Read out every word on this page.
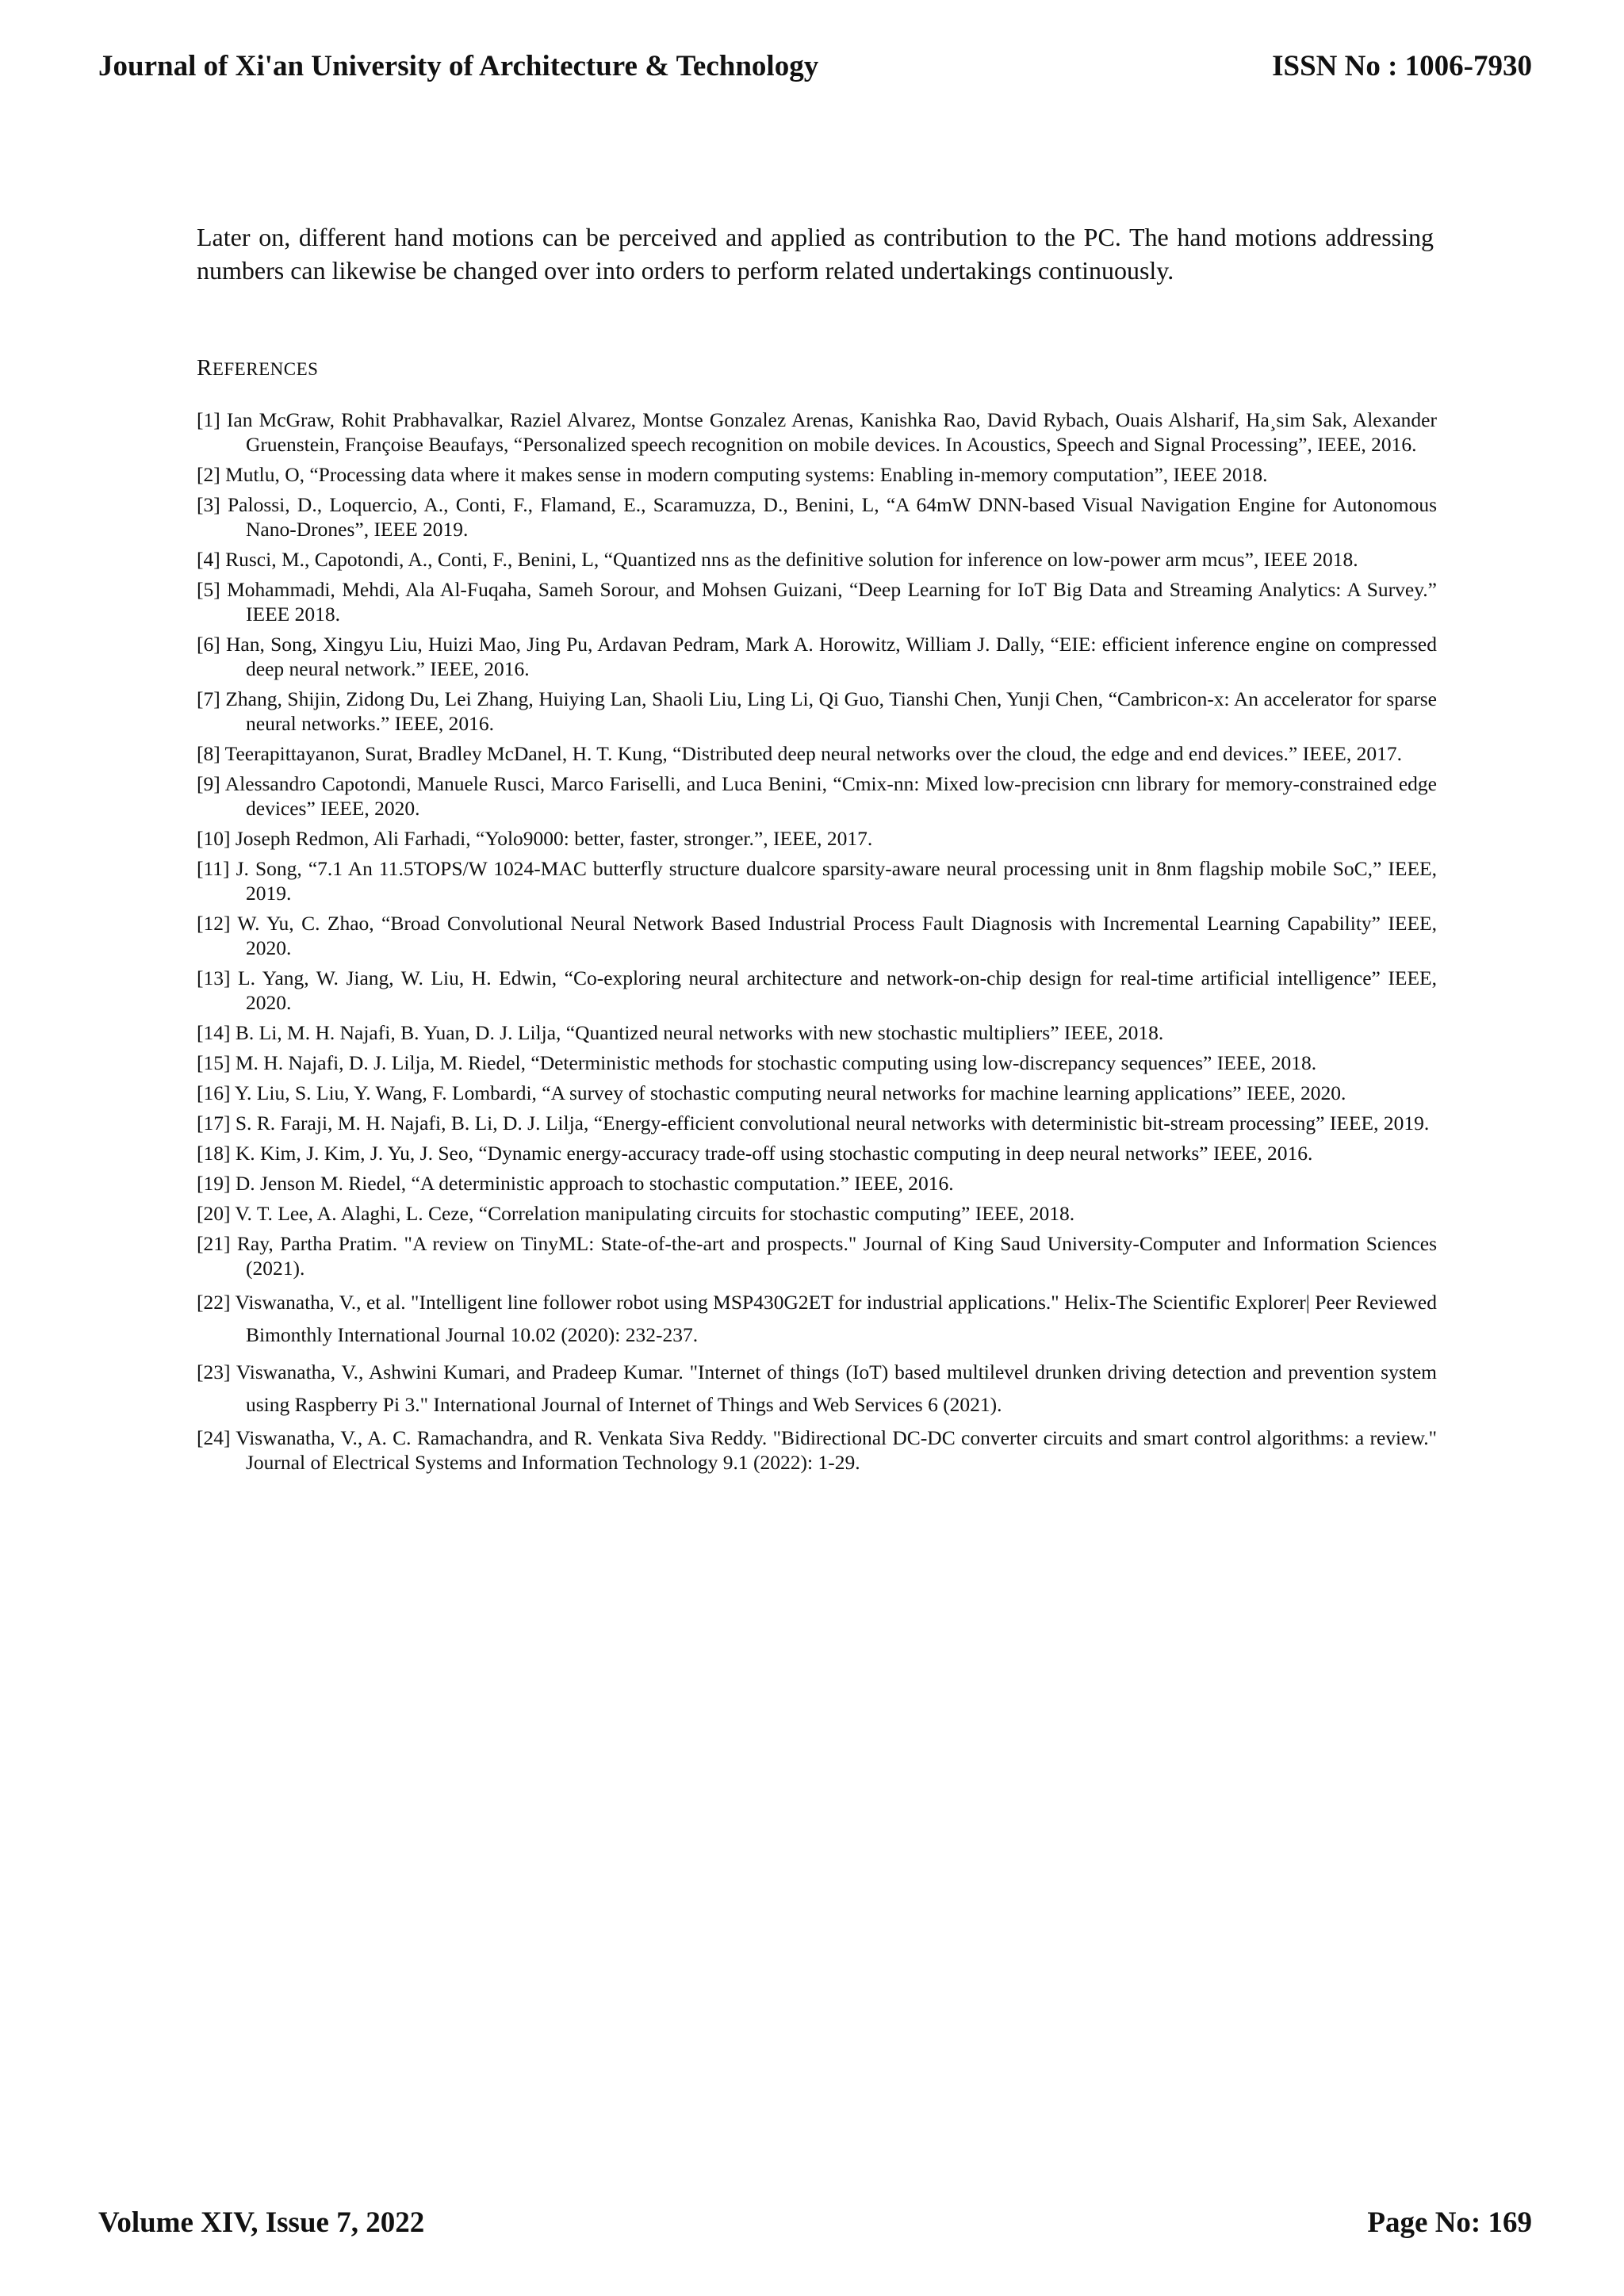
Journal of Xi'an University of Architecture & Technology	ISSN No : 1006-7930

Later on, different hand motions can be perceived and applied as contribution to the PC. The hand motions addressing numbers can likewise be changed over into orders to perform related undertakings continuously.

REFERENCES
[1] Ian McGraw, Rohit Prabhavalkar, Raziel Alvarez, Montse Gonzalez Arenas, Kanishka Rao, David Rybach, Ouais Alsharif, Ha¸sim Sak, Alexander Gruenstein, Françoise Beaufays, “Personalized speech recognition on mobile devices. In Acoustics, Speech and Signal Processing”, IEEE, 2016.
[2] Mutlu, O, “Processing data where it makes sense in modern computing systems: Enabling in-memory computation”, IEEE 2018.
[3] Palossi, D., Loquercio, A., Conti, F., Flamand, E., Scaramuzza, D., Benini, L, “A 64mW DNN-based Visual Navigation Engine for Autonomous Nano-Drones”, IEEE 2019.
[4] Rusci, M., Capotondi, A., Conti, F., Benini, L, “Quantized nns as the definitive solution for inference on low-power arm mcus”, IEEE 2018.
[5] Mohammadi, Mehdi, Ala Al-Fuqaha, Sameh Sorour, and Mohsen Guizani, “Deep Learning for IoT Big Data and Streaming Analytics: A Survey.” IEEE 2018.
[6] Han, Song, Xingyu Liu, Huizi Mao, Jing Pu, Ardavan Pedram, Mark A. Horowitz, William J. Dally, “EIE: efficient inference engine on compressed deep neural network.” IEEE, 2016.
[7] Zhang, Shijin, Zidong Du, Lei Zhang, Huiying Lan, Shaoli Liu, Ling Li, Qi Guo, Tianshi Chen, Yunji Chen, “Cambricon-x: An accelerator for sparse neural networks.” IEEE, 2016.
[8] Teerapittayanon, Surat, Bradley McDanel, H. T. Kung, “Distributed deep neural networks over the cloud, the edge and end devices.” IEEE, 2017.
[9] Alessandro Capotondi, Manuele Rusci, Marco Fariselli, and Luca Benini, “Cmix-nn: Mixed low-precision cnn library for memory-constrained edge devices” IEEE, 2020.
[10] Joseph Redmon, Ali Farhadi, “Yolo9000: better, faster, stronger.”, IEEE, 2017.
[11] J. Song, “7.1 An 11.5TOPS/W 1024-MAC butterfly structure dualcore sparsity-aware neural processing unit in 8nm flagship mobile SoC,” IEEE, 2019.
[12] W. Yu, C. Zhao, “Broad Convolutional Neural Network Based Industrial Process Fault Diagnosis with Incremental Learning Capability” IEEE, 2020.
[13] L. Yang, W. Jiang, W. Liu, H. Edwin, “Co-exploring neural architecture and network-on-chip design for real-time artificial intelligence” IEEE, 2020.
[14] B. Li, M. H. Najafi, B. Yuan, D. J. Lilja, “Quantized neural networks with new stochastic multipliers” IEEE, 2018.
[15] M. H. Najafi, D. J. Lilja, M. Riedel, “Deterministic methods for stochastic computing using low-discrepancy sequences” IEEE, 2018.
[16] Y. Liu, S. Liu, Y. Wang, F. Lombardi, “A survey of stochastic computing neural networks for machine learning applications” IEEE, 2020.
[17] S. R. Faraji, M. H. Najafi, B. Li, D. J. Lilja, “Energy-efficient convolutional neural networks with deterministic bit-stream processing” IEEE, 2019.
[18] K. Kim, J. Kim, J. Yu, J. Seo, “Dynamic energy-accuracy trade-off using stochastic computing in deep neural networks” IEEE, 2016.
[19] D. Jenson M. Riedel, “A deterministic approach to stochastic computation.” IEEE, 2016.
[20] V. T. Lee, A. Alaghi, L. Ceze, “Correlation manipulating circuits for stochastic computing” IEEE, 2018.
[21] Ray, Partha Pratim. "A review on TinyML: State-of-the-art and prospects." Journal of King Saud University-Computer and Information Sciences (2021).
[22] Viswanatha, V., et al. "Intelligent line follower robot using MSP430G2ET for industrial applications." Helix-The Scientific Explorer| Peer Reviewed Bimonthly International Journal 10.02 (2020): 232-237.
[23] Viswanatha, V., Ashwini Kumari, and Pradeep Kumar. "Internet of things (IoT) based multilevel drunken driving detection and prevention system using Raspberry Pi 3." International Journal of Internet of Things and Web Services 6 (2021).
[24] Viswanatha, V., A. C. Ramachandra, and R. Venkata Siva Reddy. "Bidirectional DC-DC converter circuits and smart control algorithms: a review." Journal of Electrical Systems and Information Technology 9.1 (2022): 1-29.
Volume XIV, Issue 7, 2022	Page No: 169
